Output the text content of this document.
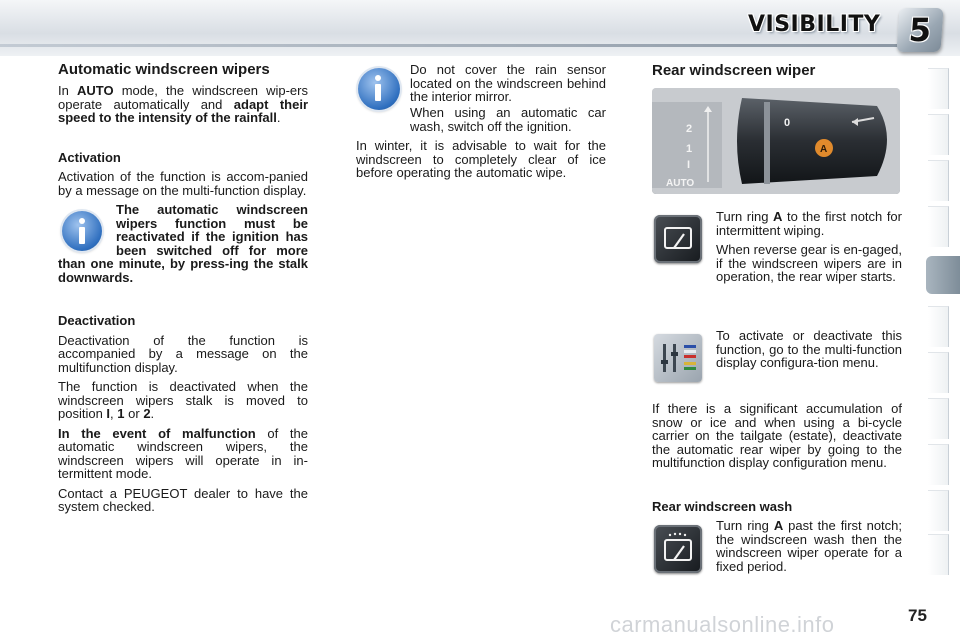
VISIBILITY 5
Automatic windscreen wipers

In AUTO mode, the windscreen wip-ers operate automatically and adapt their speed to the intensity of the rainfall.

Activation

Activation of the function is accom-panied by a message on the multi-function display.

The automatic windscreen wipers function must be reactivated if the ignition has been switched off for more than one minute, by press-ing the stalk downwards.

Deactivation

Deactivation of the function is accompanied by a message on the multifunction display.

The function is deactivated when the windscreen wipers stalk is moved to position I, 1 or 2.

In the event of malfunction of the automatic windscreen wipers, the windscreen wipers will operate in in-termittent mode.

Contact a PEUGEOT dealer to have the system checked.

Do not cover the rain sensor located on the windscreen behind the interior mirror.

When using an automatic car wash, switch off the ignition.

In winter, it is advisable to wait for the windscreen to completely clear of ice before operating the automatic wipe.

Rear windscreen wiper
A
0
2
1
I
AUTO

Turn ring A to the first notch for intermittent wiping.

When reverse gear is en-gaged, if the windscreen wipers are in operation, the rear wiper starts.

To activate or deactivate this function, go to the multi-function display configura-tion menu.

If there is a significant accumulation of snow or ice and when using a bi-cycle carrier on the tailgate (estate), deactivate the automatic rear wiper by going to the multifunction display configuration menu.

Rear windscreen wash

Turn ring A past the first notch; the windscreen wash then the windscreen wiper operate for a fixed period.

carmanualsonline.info	75
